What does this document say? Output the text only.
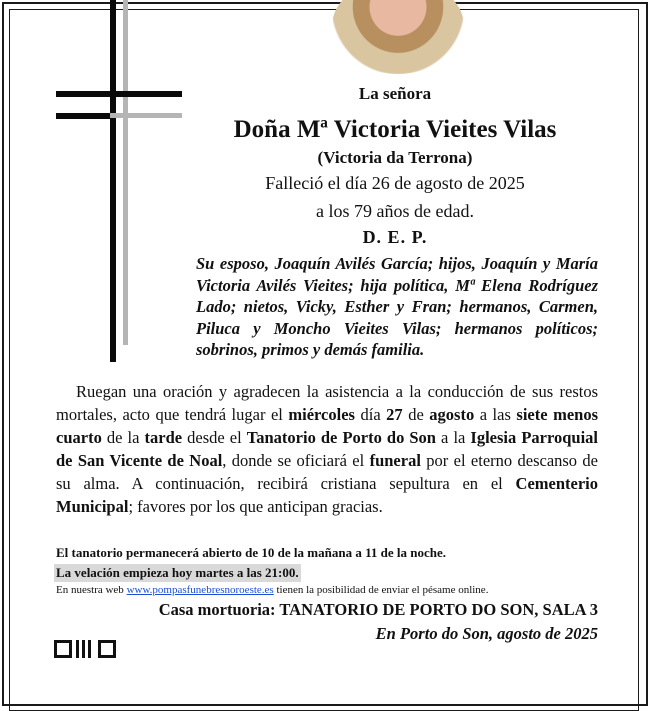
La señora
Doña Mª Victoria Vieites Vilas
(Victoria da Terrona)
Falleció el día 26 de agosto de 2025
a los 79 años de edad.
D. E. P.
Su esposo, Joaquín Avilés García; hijos, Joaquín y María Victoria Avilés Vieites; hija política, Mª Elena Rodríguez Lado; nietos, Vicky, Esther y Fran; hermanos, Carmen, Piluca y Moncho Vieites Vilas; hermanos políticos; sobrinos, primos y demás familia.
Ruegan una oración y agradecen la asistencia a la conducción de sus restos mortales, acto que tendrá lugar el miércoles día 27 de agosto a las siete menos cuarto de la tarde desde el Tanatorio de Porto do Son a la Iglesia Parroquial de San Vicente de Noal, donde se oficiará el funeral por el eterno descanso de su alma. A continuación, recibirá cristiana sepultura en el Cementerio Municipal; favores por los que anticipan gracias.
El tanatorio permanecerá abierto de 10 de la mañana a 11 de la noche.
La velación empieza hoy martes a las 21:00.
En nuestra web www.pompasfunebresnoroeste.es tienen la posibilidad de enviar el pésame online.
Casa mortuoria: TANATORIO DE PORTO DO SON, SALA 3
En Porto do Son, agosto de 2025
